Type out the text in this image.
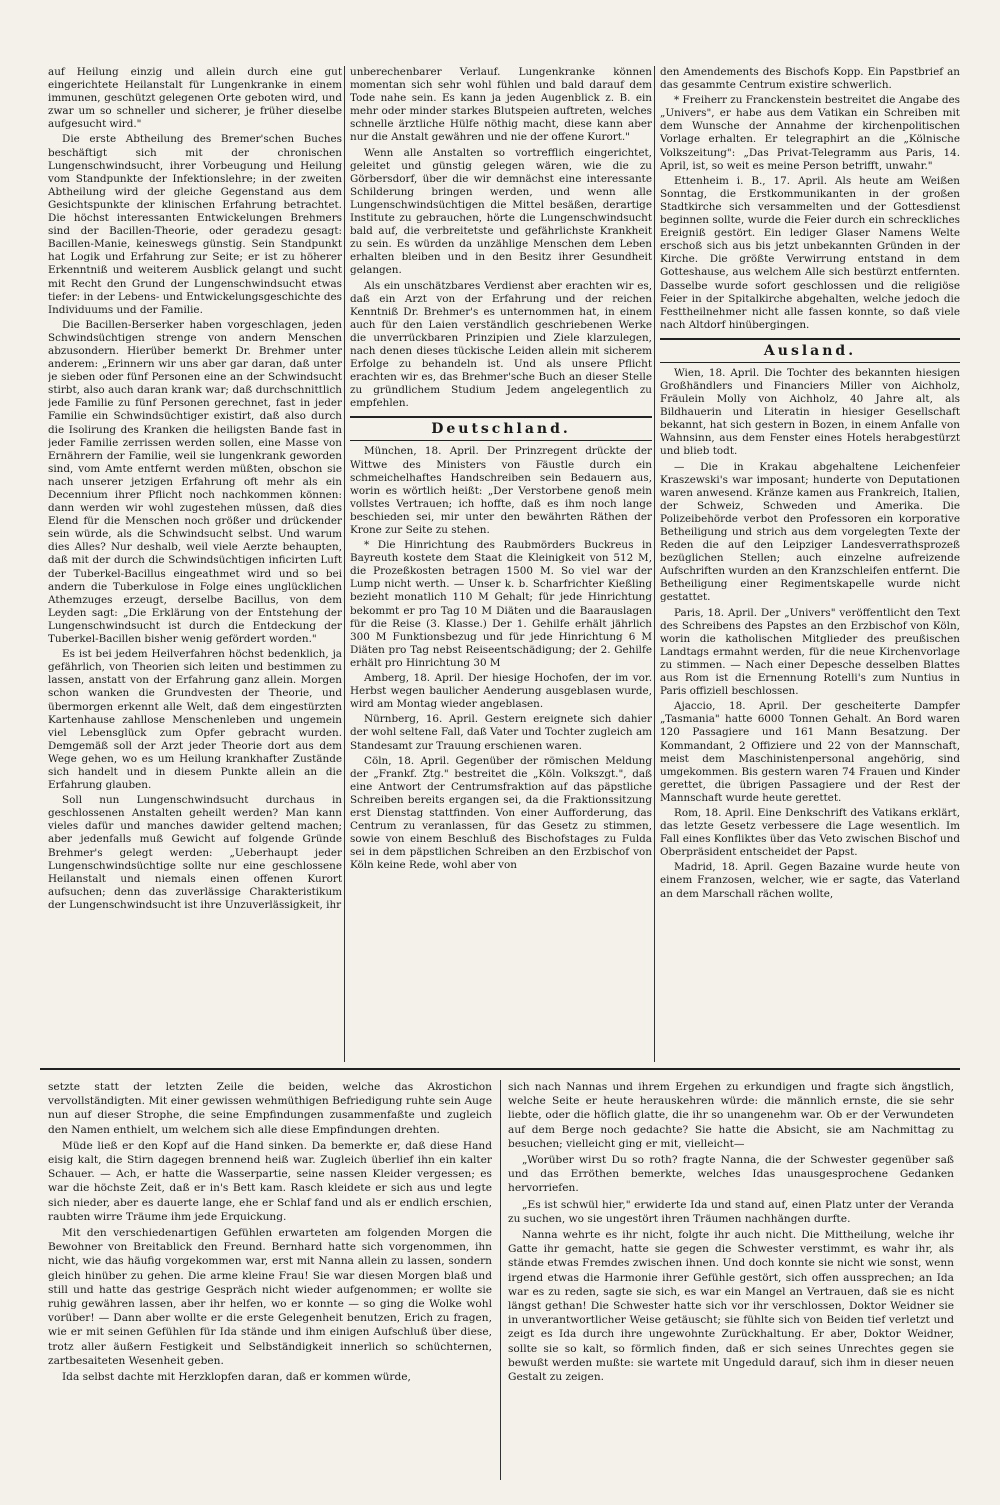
auf Heilung einzig und allein durch eine gut eingerichtete Heilanstalt für Lungenkranke in einem immunen, geschützt gelegenen Orte geboten wird, und zwar um so schneller und sicherer, je früher dieselbe aufgesucht wird."

Die erste Abtheilung des Bremer'schen Buches beschäftigt sich mit der chronischen Lungenschwindsucht, ihrer Vorbeugung und Heilung vom Standpunkte der Infektionslehre; in der zweiten Abtheilung wird der gleiche Gegenstand aus dem Gesichtspunkte der klinischen Erfahrung betrachtet. Die höchst interessanten Entwickelungen Brehmers sind der Bacillen-Theorie, oder geradezu gesagt: Bacillen-Manie, keineswegs günstig. Sein Standpunkt hat Logik und Erfahrung zur Seite; er ist zu höherer Erkenntniß und weiterem Ausblick gelangt und sucht mit Recht den Grund der Lungenschwindsucht etwas tiefer: in der Lebens- und Entwickelungsgeschichte des Individuums und der Familie.

Die Bacillen-Berserker haben vorgeschlagen, jeden Schwindsüchtigen strenge von andern Menschen abzusondern. Hierüber bemerkt Dr. Brehmer unter anderem: „Erinnern wir uns aber gar daran, daß unter je sieben oder fünf Personen eine an der Schwindsucht stirbt, also auch daran krank war; daß durchschnittlich jede Familie zu fünf Personen gerechnet, fast in jeder Familie ein Schwindsüchtiger existirt, daß also durch die Isolirung des Kranken die heiligsten Bande fast in jeder Familie zerrissen werden sollen, eine Masse von Ernährern der Familie, weil sie lungenkrank geworden sind, vom Amte entfernt werden müßten, obschon sie nach unserer jetzigen Erfahrung oft mehr als ein Decennium ihrer Pflicht noch nachkommen können: dann werden wir wohl zugestehen müssen, daß dies Elend für die Menschen noch größer und drückender sein würde, als die Schwindsucht selbst. Und warum dies Alles? Nur deshalb, weil viele Aerzte behaupten, daß mit der durch die Schwindsüchtigen inficirten Luft der Tuberkel-Bacillus eingeathmet wird und so bei andern die Tuberkulose in Folge eines unglücklichen Athemzuges erzeugt, derselbe Bacillus, von dem Leyden sagt: „Die Erklärung von der Entstehung der Lungenschwindsucht ist durch die Entdeckung der Tuberkel-Bacillen bisher wenig gefördert worden."

Es ist bei jedem Heilverfahren höchst bedenklich, ja gefährlich, von Theorien sich leiten und bestimmen zu lassen, anstatt von der Erfahrung ganz allein. Morgen schon wanken die Grundvesten der Theorie, und übermorgen erkennt alle Welt, daß dem eingestürzten Kartenhause zahllose Menschenleben und ungemein viel Lebensglück zum Opfer gebracht wurden. Demgemäß soll der Arzt jeder Theorie dort aus dem Wege gehen, wo es um Heilung krankhafter Zustände sich handelt und in diesem Punkte allein an die Erfahrung glauben.

Soll nun Lungenschwindsucht durchaus in geschlossenen Anstalten geheilt werden? Man kann vieles dafür und manches dawider geltend machen; aber jedenfalls muß Gewicht auf folgende Gründe Brehmer's gelegt werden: „Ueberhaupt jeder Lungenschwindsüchtige sollte nur eine geschlossene Heilanstalt und niemals einen offenen Kurort aufsuchen; denn das zuverlässige Charakteristikum der Lungenschwindsucht ist ihre Unzuverlässigkeit, ihr

unberechenbarer Verlauf. Lungenkranke können momentan sich sehr wohl fühlen und bald darauf dem Tode nahe sein. Es kann ja jeden Augenblick z. B. ein mehr oder minder starkes Blutspeien auftreten, welches schnelle ärztliche Hülfe nöthig macht, diese kann aber nur die Anstalt gewähren und nie der offene Kurort."

Wenn alle Anstalten so vortrefflich eingerichtet, geleitet und günstig gelegen wären, wie die zu Görbersdorf, über die wir demnächst eine interessante Schilderung bringen werden, und wenn alle Lungenschwindsüchtigen die Mittel besäßen, derartige Institute zu gebrauchen, hörte die Lungenschwindsucht bald auf, die verbreitetste und gefährlichste Krankheit zu sein. Es würden da unzählige Menschen dem Leben erhalten bleiben und in den Besitz ihrer Gesundheit gelangen.

Als ein unschätzbares Verdienst aber erachten wir es, daß ein Arzt von der Erfahrung und der reichen Kenntniß Dr. Brehmer's es unternommen hat, in einem auch für den Laien verständlich geschriebenen Werke die unverrückbaren Prinzipien und Ziele klarzulegen, nach denen dieses tückische Leiden allein mit sicherem Erfolge zu behandeln ist. Und als unsere Pflicht erachten wir es, das Brehmer'sche Buch an dieser Stelle zu gründlichem Studium Jedem angelegentlich zu empfehlen.

Deutschland.

München, 18. April. Der Prinzregent drückte der Wittwe des Ministers von Fäustle durch ein schmeichelhaftes Handschreiben sein Bedauern aus, worin es wörtlich heißt: „Der Verstorbene genoß mein vollstes Vertrauen; ich hoffte, daß es ihm noch lange beschieden sei, mir unter den bewährten Räthen der Krone zur Seite zu stehen.

* Die Hinrichtung des Raubmörders Buckreus in Bayreuth kostete dem Staat die Kleinigkeit von 512 M, die Prozeßkosten betragen 1500 M. So viel war der Lump nicht werth. — Unser k. b. Scharfrichter Kießling bezieht monatlich 110 M Gehalt; für jede Hinrichtung bekommt er pro Tag 10 M Diäten und die Baarauslagen für die Reise (3. Klasse.) Der 1. Gehilfe erhält jährlich 300 M Funktionsbezug und für jede Hinrichtung 6 M Diäten pro Tag nebst Reiseentschädigung; der 2. Gehilfe erhält pro Hinrichtung 30 M

Amberg, 18. April. Der hiesige Hochofen, der im vor. Herbst wegen baulicher Aenderung ausgeblasen wurde, wird am Montag wieder angeblasen.

Nürnberg, 16. April. Gestern ereignete sich dahier der wohl seltene Fall, daß Vater und Tochter zugleich am Standesamt zur Trauung erschienen waren.

Cöln, 18. April. Gegenüber der römischen Meldung der „Frankf. Ztg." bestreitet die „Köln. Volkszgt.", daß eine Antwort der Centrumsfraktion auf das päpstliche Schreiben bereits ergangen sei, da die Fraktionssitzung erst Dienstag stattfinden. Von einer Aufforderung, das Centrum zu veranlassen, für das Gesetz zu stimmen, sowie von einem Beschluß des Bischofstages zu Fulda sei in dem päpstlichen Schreiben an den Erzbischof von Köln keine Rede, wohl aber von

den Amendements des Bischofs Kopp. Ein Papstbrief an das gesammte Centrum existire schwerlich.

* Freiherr zu Franckenstein bestreitet die Angabe des „Univers", er habe aus dem Vatikan ein Schreiben mit dem Wunsche der Annahme der kirchenpolitischen Vorlage erhalten. Er telegraphirt an die „Kölnische Volkszeitung": „Das Privat-Telegramm aus Paris, 14. April, ist, so weit es meine Person betrifft, unwahr."

Ettenheim i. B., 17. April. Als heute am Weißen Sonntag, die Erstkommunikanten in der großen Stadtkirche sich versammelten und der Gottesdienst beginnen sollte, wurde die Feier durch ein schreckliches Ereigniß gestört. Ein lediger Glaser Namens Welte erschoß sich aus bis jetzt unbekannten Gründen in der Kirche. Die größte Verwirrung entstand in dem Gotteshause, aus welchem Alle sich bestürzt entfernten. Dasselbe wurde sofort geschlossen und die religiöse Feier in der Spitalkirche abgehalten, welche jedoch die Festtheilnehmer nicht alle fassen konnte, so daß viele nach Altdorf hinübergingen.

Ausland.

Wien, 18. April. Die Tochter des bekannten hiesigen Großhändlers und Financiers Miller von Aichholz, Fräulein Molly von Aichholz, 40 Jahre alt, als Bildhauerin und Literatin in hiesiger Gesellschaft bekannt, hat sich gestern in Bozen, in einem Anfalle von Wahnsinn, aus dem Fenster eines Hotels herabgestürzt und blieb todt.

— Die in Krakau abgehaltene Leichenfeier Kraszewski's war imposant; hunderte von Deputationen waren anwesend. Kränze kamen aus Frankreich, Italien, der Schweiz, Schweden und Amerika. Die Polizeibehörde verbot den Professoren ein korporative Betheiligung und strich aus dem vorgelegten Texte der Reden die auf den Leipziger Landesverrathsprozeß bezüglichen Stellen; auch einzelne aufreizende Aufschriften wurden an den Kranzschleifen entfernt. Die Betheiligung einer Regimentskapelle wurde nicht gestattet.

Paris, 18. April. Der „Univers" veröffentlicht den Text des Schreibens des Papstes an den Erzbischof von Köln, worin die katholischen Mitglieder des preußischen Landtags ermahnt werden, für die neue Kirchenvorlage zu stimmen. — Nach einer Depesche desselben Blattes aus Rom ist die Ernennung Rotelli's zum Nuntius in Paris offiziell beschlossen.

Ajaccio, 18. April. Der gescheiterte Dampfer „Tasmania" hatte 6000 Tonnen Gehalt. An Bord waren 120 Passagiere und 161 Mann Besatzung. Der Kommandant, 2 Offiziere und 22 von der Mannschaft, meist dem Maschinistenpersonal angehörig, sind umgekommen. Bis gestern waren 74 Frauen und Kinder gerettet, die übrigen Passagiere und der Rest der Mannschaft wurde heute gerettet.

Rom, 18. April. Eine Denkschrift des Vatikans erklärt, das letzte Gesetz verbessere die Lage wesentlich. Im Fall eines Konfliktes über das Veto zwischen Bischof und Oberpräsident entscheidet der Papst.

Madrid, 18. April. Gegen Bazaine wurde heute von einem Franzosen, welcher, wie er sagte, das Vaterland an dem Marschall rächen wollte,

setzte statt der letzten Zeile die beiden, welche das Akrostichon vervollständigten. Mit einer gewissen wehmüthigen Befriedigung ruhte sein Auge nun auf dieser Strophe, die seine Empfindungen zusammenfaßte und zugleich den Namen enthielt, um welchem sich alle diese Empfindungen drehten.

Müde ließ er den Kopf auf die Hand sinken. Da bemerkte er, daß diese Hand eisig kalt, die Stirn dagegen brennend heiß war. Zugleich überlief ihn ein kalter Schauer. — Ach, er hatte die Wasserpartie, seine nassen Kleider vergessen; es war die höchste Zeit, daß er in's Bett kam. Rasch kleidete er sich aus und legte sich nieder, aber es dauerte lange, ehe er Schlaf fand und als er endlich erschien, raubten wirre Träume ihm jede Erquickung.

Mit den verschiedenartigen Gefühlen erwarteten am folgenden Morgen die Bewohner von Breitablick den Freund. Bernhard hatte sich vorgenommen, ihn nicht, wie das häufig vorgekommen war, erst mit Nanna allein zu lassen, sondern gleich hinüber zu gehen. Die arme kleine Frau! Sie war diesen Morgen blaß und still und hatte das gestrige Gespräch nicht wieder aufgenommen; er wollte sie ruhig gewähren lassen, aber ihr helfen, wo er konnte — so ging die Wolke wohl vorüber! — Dann aber wollte er die erste Gelegenheit benutzen, Erich zu fragen, wie er mit seinen Gefühlen für Ida stände und ihm einigen Aufschluß über diese, trotz aller äußern Festigkeit und Selbständigkeit innerlich so schüchternen, zartbesaiteten Wesenheit geben.

Ida selbst dachte mit Herzklopfen daran, daß er kommen würde,

sich nach Nannas und ihrem Ergehen zu erkundigen und fragte sich ängstlich, welche Seite er heute herauskehren würde: die männlich ernste, die sie sehr liebte, oder die höflich glatte, die ihr so unangenehm war. Ob er der Verwundeten auf dem Berge noch gedachte? Sie hatte die Absicht, sie am Nachmittag zu besuchen; vielleicht ging er mit, vielleicht—

„Worüber wirst Du so roth? fragte Nanna, die der Schwester gegenüber saß und das Erröthen bemerkte, welches Idas unausgesprochene Gedanken hervorriefen.

„Es ist schwül hier," erwiderte Ida und stand auf, einen Platz unter der Veranda zu suchen, wo sie ungestört ihren Träumen nachhängen durfte.

Nanna wehrte es ihr nicht, folgte ihr auch nicht. Die Mittheilung, welche ihr Gatte ihr gemacht, hatte sie gegen die Schwester verstimmt, es wahr ihr, als stände etwas Fremdes zwischen ihnen. Und doch konnte sie nicht wie sonst, wenn irgend etwas die Harmonie ihrer Gefühle gestört, sich offen aussprechen; an Ida war es zu reden, sagte sie sich, es war ein Mangel an Vertrauen, daß sie es nicht längst gethan! Die Schwester hatte sich vor ihr verschlossen, Doktor Weidner sie in unverantwortlicher Weise getäuscht; sie fühlte sich von Beiden tief verletzt und zeigt es Ida durch ihre ungewohnte Zurückhaltung. Er aber, Doktor Weidner, sollte sie so kalt, so förmlich finden, daß er sich seines Unrechtes gegen sie bewußt werden mußte: sie wartete mit Ungeduld darauf, sich ihm in dieser neuen Gestalt zu zeigen.
